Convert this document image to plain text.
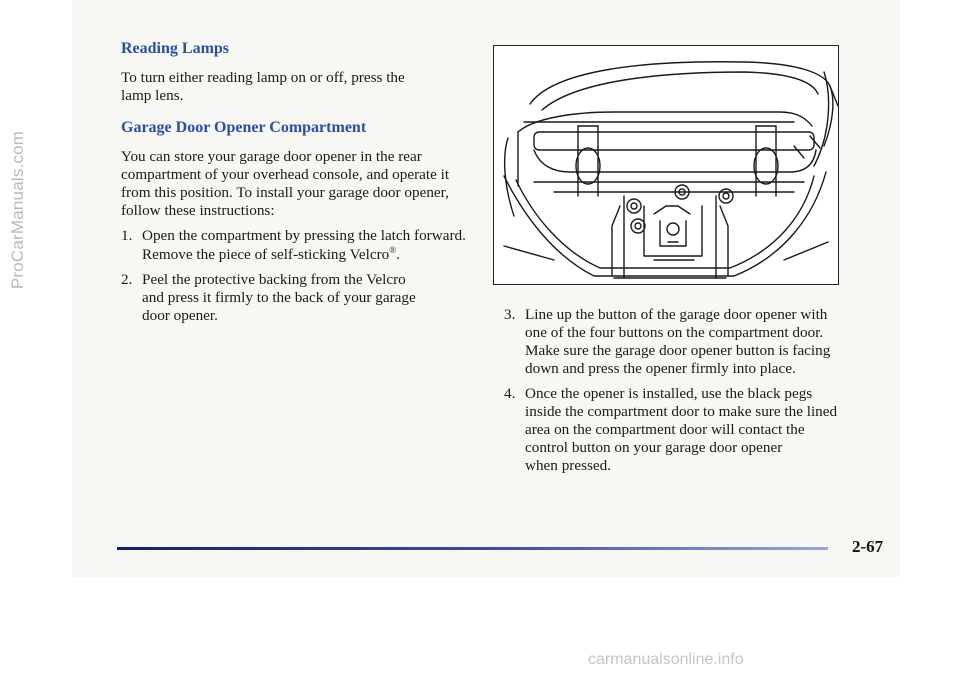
ProCarManuals.com
Reading Lamps

To turn either reading lamp on or off, press the

lamp lens.

Garage Door Opener Compartment

You can store your garage door opener in the rear

compartment of your overhead console, and operate it

from this position. To install your garage door opener,

follow these instructions:

1. Open the compartment by pressing the latch forward.
Remove the piece of self-sticking Velcro®.
2. Peel the protective backing from the Velcro
and press it firmly to the back of your garage
door opener.	3. Line up the button of the garage door opener with
one of the four buttons on the compartment door.
Make sure the garage door opener button is facing
down and press the opener firmly into place.
4. Once the opener is installed, use the black pegs
inside the compartment door to make sure the lined
area on the compartment door will contact the
control button on your garage door opener
when pressed.
2-67
carmanualsonline.info
